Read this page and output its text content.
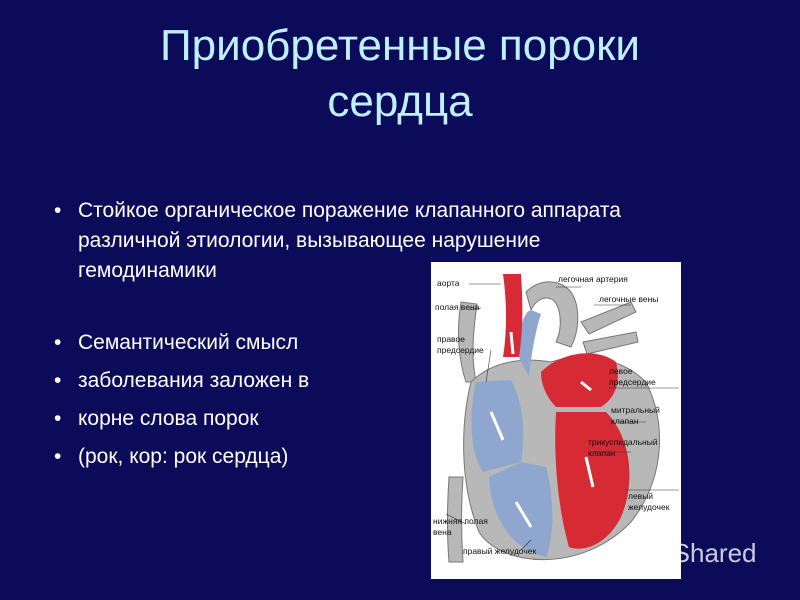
Приобретенные пороки
сердца
• Стойкое органическое поражение клапанного аппарата различной этиологии, вызывающее нарушение гемодинамики
• Семантический смысл
• заболевания заложен в
• корне слова порок
• (рок, кор: рок сердца)
аорта	легочная артерия
легочные вены
полая вена
правое
предсердие
левое
предсердие
митральный
клапан
трикуспидальный
клапан
левый
желудочек
нижняя полая
вена
правый желудочек	MyShared
